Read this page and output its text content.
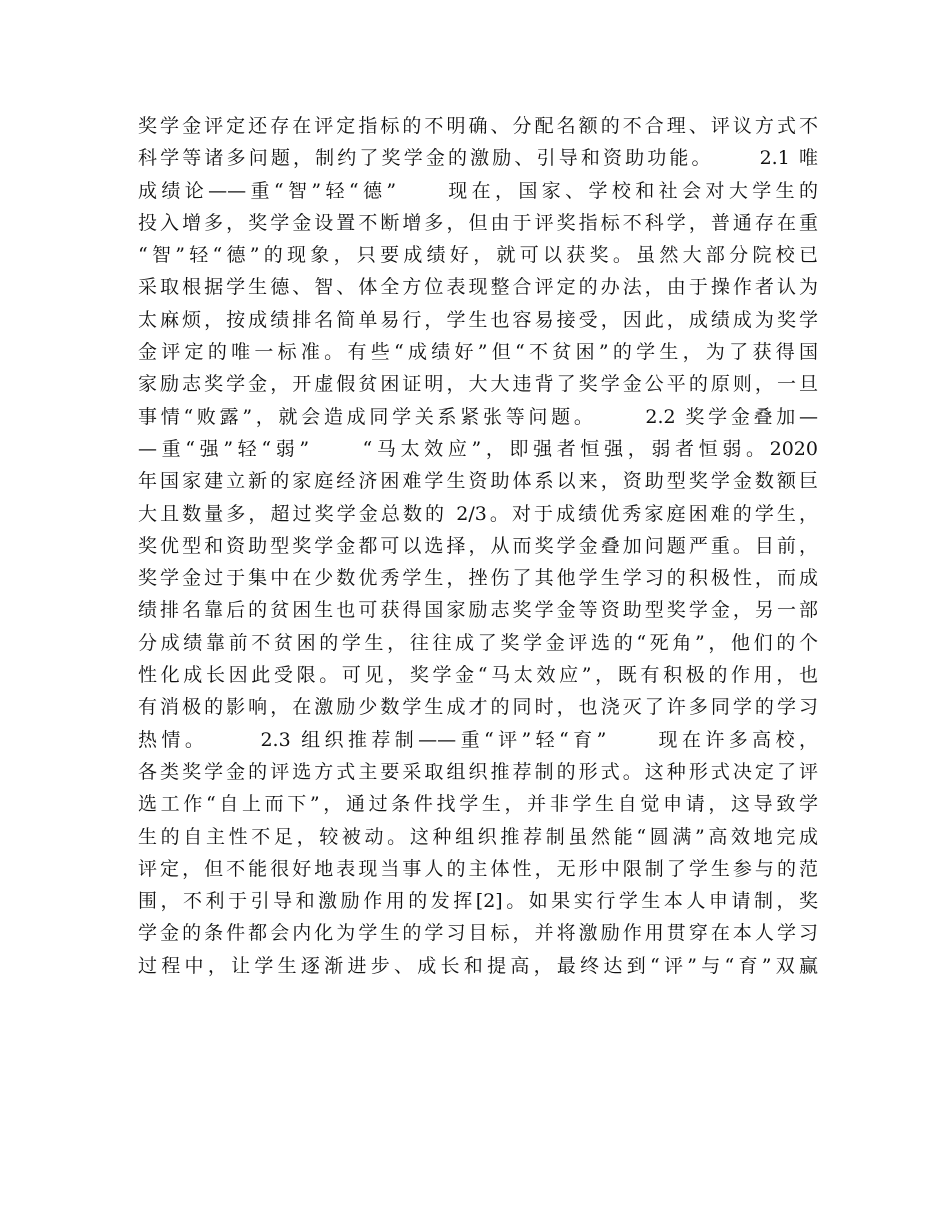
奖学金评定还存在评定指标的不明确、分配名额的不合理、评议方式不
科学等诸多问题，制约了奖学金的激励、引导和资助功能。     2.1 唯
成绩论——重“智”轻“德”     现在，国家、学校和社会对大学生的
投入增多，奖学金设置不断增多，但由于评奖指标不科学，普通存在重
“智”轻“德”的现象，只要成绩好，就可以获奖。虽然大部分院校已
采取根据学生德、智、体全方位表现整合评定的办法，由于操作者认为
太麻烦，按成绩排名简单易行，学生也容易接受，因此，成绩成为奖学
金评定的唯一标准。有些“成绩好”但“不贫困”的学生，为了获得国
家励志奖学金，开虚假贫困证明，大大违背了奖学金公平的原则，一旦
事情“败露”，就会造成同学关系紧张等问题。     2.2 奖学金叠加—
—重“强”轻“弱”     “马太效应”，即强者恒强，弱者恒弱。2020
年国家建立新的家庭经济困难学生资助体系以来，资助型奖学金数额巨
大且数量多，超过奖学金总数的 2/3。对于成绩优秀家庭困难的学生，
奖优型和资助型奖学金都可以选择，从而奖学金叠加问题严重。目前，
奖学金过于集中在少数优秀学生，挫伤了其他学生学习的积极性，而成
绩排名靠后的贫困生也可获得国家励志奖学金等资助型奖学金，另一部
分成绩靠前不贫困的学生，往往成了奖学金评选的“死角”，他们的个
性化成长因此受限。可见，奖学金“马太效应”，既有积极的作用，也
有消极的影响，在激励少数学生成才的同时，也浇灭了许多同学的学习
热情。     2.3 组织推荐制——重“评”轻“育”     现在许多高校，
各类奖学金的评选方式主要采取组织推荐制的形式。这种形式决定了评
选工作“自上而下”，通过条件找学生，并非学生自觉申请，这导致学
生的自主性不足，较被动。这种组织推荐制虽然能“圆满”高效地完成
评定，但不能很好地表现当事人的主体性，无形中限制了学生参与的范
围，不利于引导和激励作用的发挥[2]。如果实行学生本人申请制，奖
学金的条件都会内化为学生的学习目标，并将激励作用贯穿在本人学习
过程中，让学生逐渐进步、成长和提高，最终达到“评”与“育”双赢
